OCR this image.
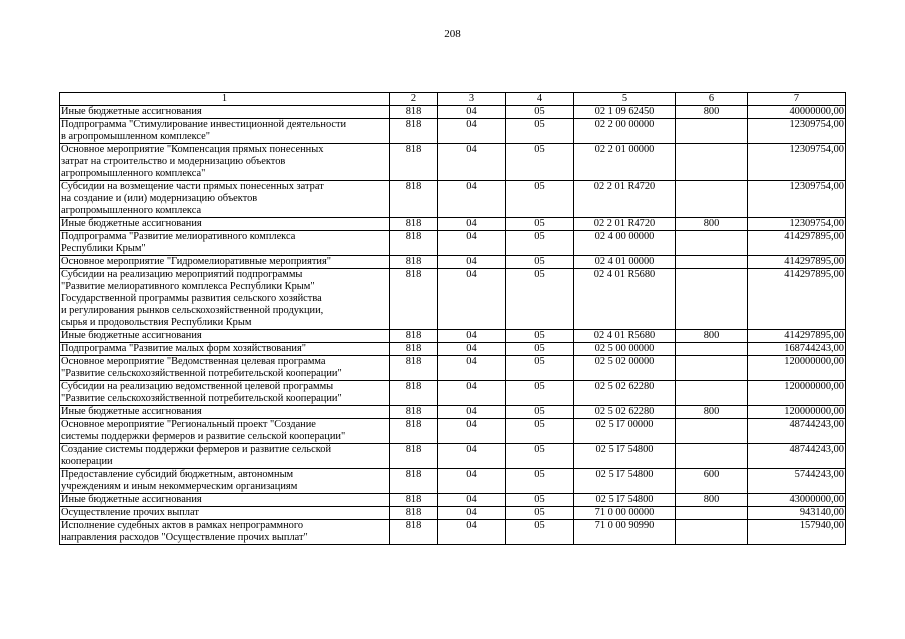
208
1	2	3	4	5	6	7
Иные бюджетные ассигнования	818	04	05	02 1 09 62450	800	40000000,00
Подпрограмма "Стимулирование инвестиционной деятельности
в агропромышленном комплексе"	818	04	05	02 2 00 00000		12309754,00
Основное мероприятие "Компенсация прямых понесенных
затрат на строительство и модернизацию объектов
агропромышленного комплекса"	818	04	05	02 2 01 00000		12309754,00
Субсидии на возмещение части прямых понесенных затрат
на создание и (или) модернизацию объектов
агропромышленного комплекса	818	04	05	02 2 01 R4720		12309754,00
Иные бюджетные ассигнования	818	04	05	02 2 01 R4720	800	12309754,00
Подпрограмма "Развитие мелиоративного комплекса
Республики Крым"	818	04	05	02 4 00 00000		414297895,00
Основное мероприятие "Гидромелиоративные мероприятия"	818	04	05	02 4 01 00000		414297895,00
Субсидии на реализацию мероприятий подпрограммы
"Развитие мелиоративного комплекса Республики Крым"
Государственной программы развития сельского хозяйства
и регулирования рынков сельскохозяйственной продукции,
сырья и продовольствия Республики Крым	818	04	05	02 4 01 R5680		414297895,00
Иные бюджетные ассигнования	818	04	05	02 4 01 R5680	800	414297895,00
Подпрограмма "Развитие малых форм хозяйствования"	818	04	05	02 5 00 00000		168744243,00
Основное мероприятие "Ведомственная целевая программа
"Развитие сельскохозяйственной потребительской кооперации"	818	04	05	02 5 02 00000		120000000,00
Субсидии на реализацию ведомственной целевой программы
"Развитие сельскохозяйственной потребительской кооперации"	818	04	05	02 5 02 62280		120000000,00
Иные бюджетные ассигнования	818	04	05	02 5 02 62280	800	120000000,00
Основное мероприятие "Региональный проект "Создание
системы поддержки фермеров и развитие сельской кооперации"	818	04	05	02 5 I7 00000		48744243,00
Создание системы поддержки фермеров и развитие сельской
кооперации	818	04	05	02 5 I7 54800		48744243,00
Предоставление субсидий бюджетным, автономным
учреждениям и иным некоммерческим организациям	818	04	05	02 5 I7 54800	600	5744243,00
Иные бюджетные ассигнования	818	04	05	02 5 I7 54800	800	43000000,00
Осуществление прочих выплат	818	04	05	71 0 00 00000		943140,00
Исполнение судебных актов в рамках непрограммного
направления расходов "Осуществление прочих выплат"	818	04	05	71 0 00 90990		157940,00
